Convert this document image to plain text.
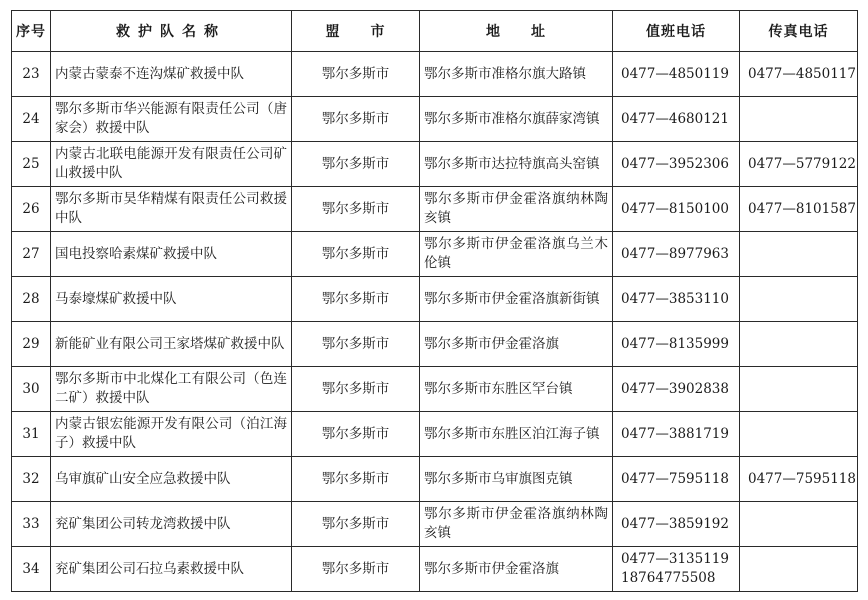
序号	救护队名称	盟　　市	地　　址	值班电话	传真电话
23	内蒙古蒙泰不连沟煤矿救援中队	鄂尔多斯市	鄂尔多斯市准格尔旗大路镇	0477—4850119	0477—4850117
24	鄂尔多斯市华兴能源有限责任公司（唐家会）救援中队	鄂尔多斯市	鄂尔多斯市准格尔旗薛家湾镇	0477—4680121	

25	内蒙古北联电能源开发有限责任公司矿山救援中队	鄂尔多斯市	鄂尔多斯市达拉特旗高头窑镇	0477—3952306	0477—5779122
26	鄂尔多斯市昊华精煤有限责任公司救援中队	鄂尔多斯市	鄂尔多斯市伊金霍洛旗纳林陶亥镇	0477—8150100	0477—8101587
27	国电投察哈素煤矿救援中队	鄂尔多斯市	鄂尔多斯市伊金霍洛旗乌兰木伦镇	0477—8977963	

28	马泰壕煤矿救援中队	鄂尔多斯市	鄂尔多斯市伊金霍洛旗新街镇	0477—3853110	

29	新能矿业有限公司王家塔煤矿救援中队	鄂尔多斯市	鄂尔多斯市伊金霍洛旗	0477—8135999	

30	鄂尔多斯市中北煤化工有限公司（色连二矿）救援中队	鄂尔多斯市	鄂尔多斯市东胜区罕台镇	0477—3902838	

31	内蒙古银宏能源开发有限公司（泊江海子）救援中队	鄂尔多斯市	鄂尔多斯市东胜区泊江海子镇	0477—3881719	

32	乌审旗矿山安全应急救援中队	鄂尔多斯市	鄂尔多斯市乌审旗图克镇	0477—7595118	0477—7595118
33	兖矿集团公司转龙湾救援中队	鄂尔多斯市	鄂尔多斯市伊金霍洛旗纳林陶亥镇	0477—3859192	

34	兖矿集团公司石拉乌素救援中队	鄂尔多斯市	鄂尔多斯市伊金霍洛旗	0477—3135119
18764775508	
